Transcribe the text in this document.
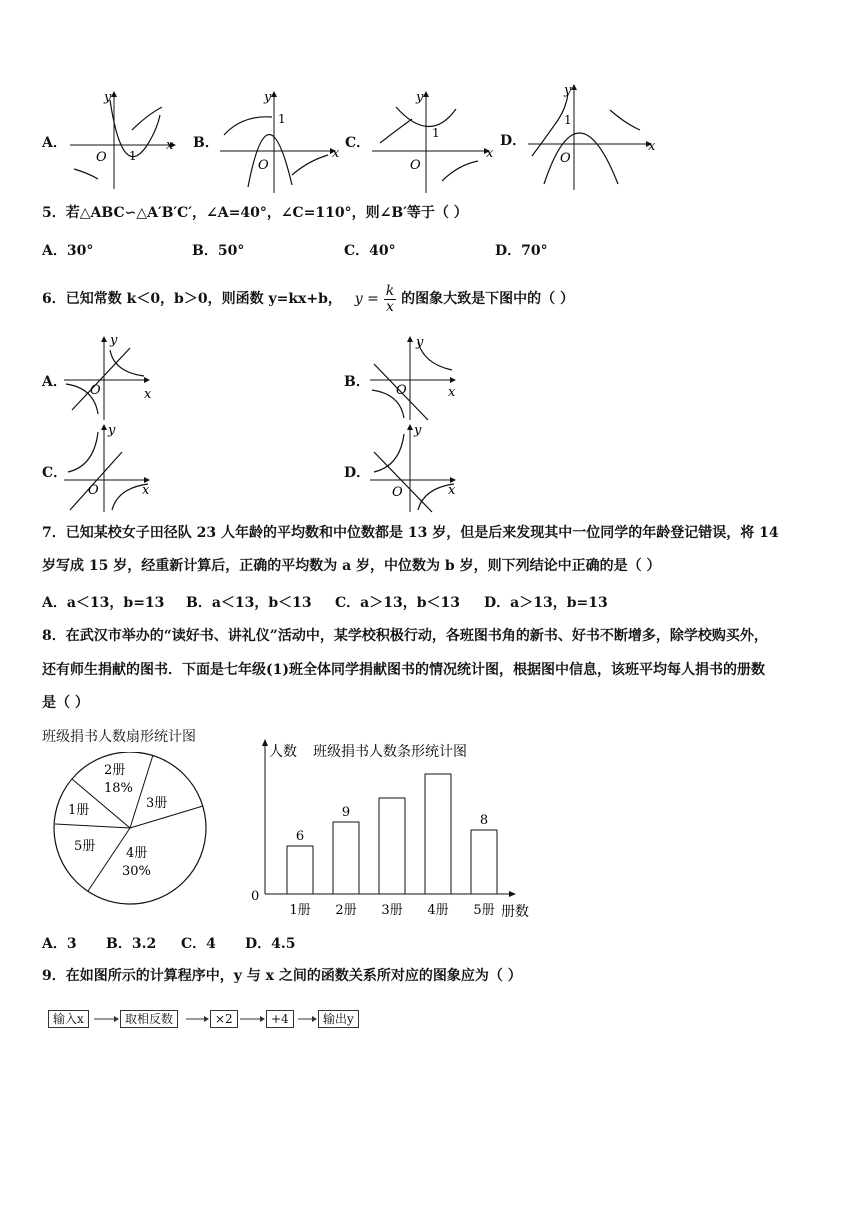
A．
y
x
O 1
B．
y
x
O
1
C．
y
x
O
1	D．
y
x
O
1
5．若△ABC∽△A′B′C′，∠A=40°，∠C=110°，则∠B′等于（ ）
A．30°	B．50°	C．40°	D．70°
6．已知常数 k＜0，b＞0，则函数 y=kx+b， $y = \frac{k}{x}$ 的图象大致是下图中的（ ）
A．
y
x
O
B．
y
x
O
C．
y
x
O
D．
y
x
O
7．已知某校女子田径队 23 人年龄的平均数和中位数都是 13 岁，但是后来发现其中一位同学的年龄登记错误，将 14
岁写成 15 岁，经重新计算后，正确的平均数为 a 岁，中位数为 b 岁，则下列结论中正确的是（ ）
A．a＜13，b=13 B．a＜13，b＜13 C．a＞13，b＜13 D．a＞13，b=13
8．在武汉市举办的“读好书、讲礼仪”活动中，某学校积极行动，各班图书角的新书、好书不断增多，除学校购买外，
还有师生捐献的图书．下面是七年级(1)班全体同学捐献图书的情况统计图，根据图中信息，该班平均每人捐书的册数
是（ ）
班级捐书人数扇形统计图
2册
18%
3册
4册
30%
5册
1册
人数 班级捐书人数条形统计图
0
册数
6
1册
9
2册 3册 4册
8
5册
A．3 B．3.2 C．4 D．4.5
9．在如图所示的计算程序中，y 与 x 之间的函数关系所对应的图象应为（ ）
输入x	取相反数	×2	+4	输出y
